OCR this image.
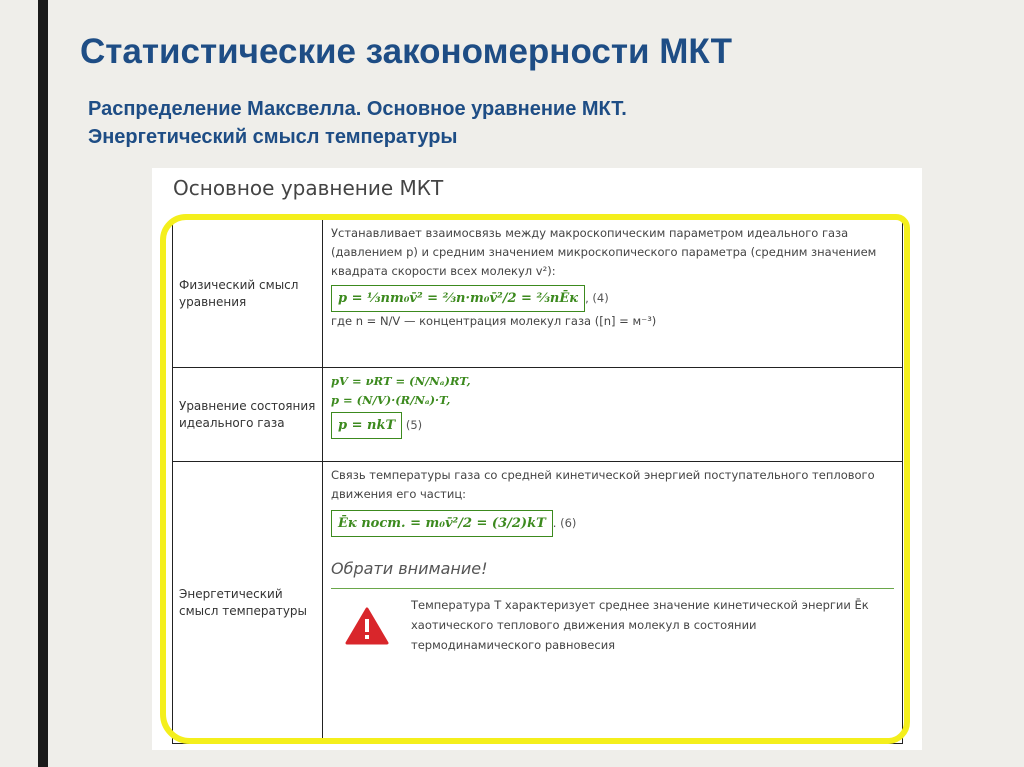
Статистические закономерности МКТ
Распределение Максвелла. Основное уравнение МКТ.
Энергетический смысл температуры
Основное уравнение МКТ
Физический смысл уравнения	Устанавливает взаимосвязь между макроскопическим параметром идеального газа (давлением p) и средним значением микроскопического параметра (средним значением квадрата скорости всех молекул v²):
p = ⅓nm₀v̄² = ⅔n·m₀v̄²/2 = ⅔nĒк , (4)
где n = N/V — концентрация молекул газа ([n] = м⁻³)

Уравнение состояния идеального газа	pV = νRT = (N/Nₐ)RT,
p = (N/V)·(R/Nₐ)·T,
p = nkT (5)

Энергетический смысл температуры	Связь температуры газа со средней кинетической энергией поступательного теплового движения его частиц:
Ēк пост. = m₀v̄²/2 = (3/2)kT . (6)
Обрати внимание!
Температура T характеризует среднее значение кинетической энергии Ēк хаотического теплового движения молекул в состоянии термодинамического равновесия
